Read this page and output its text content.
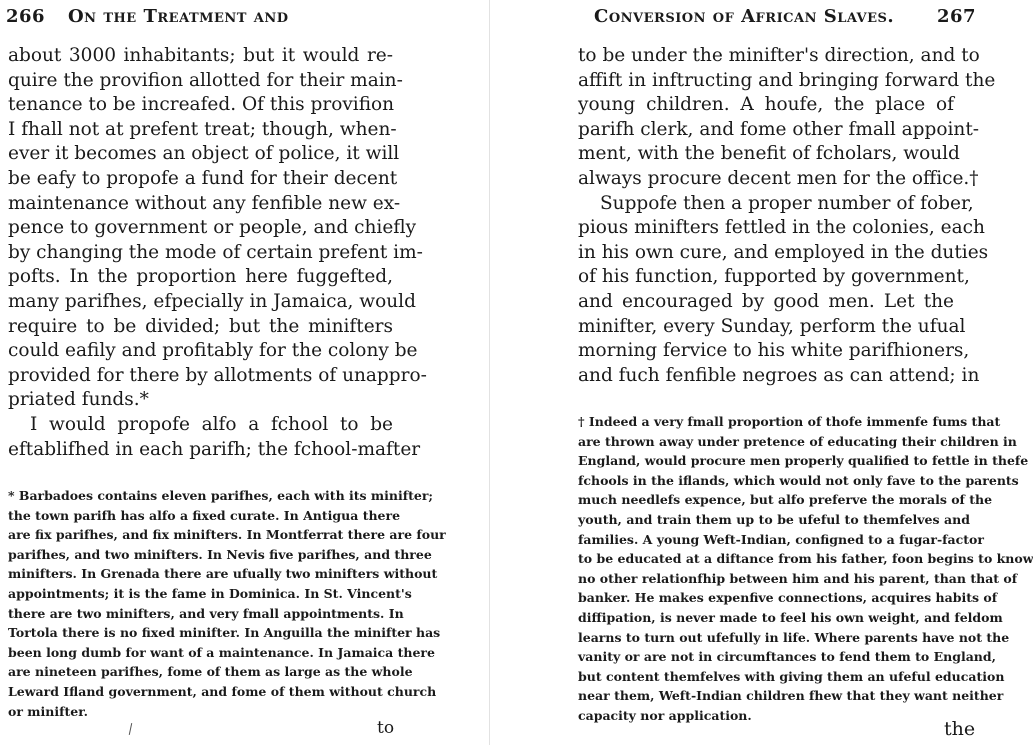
266 On the Treatment and
about 3000 inhabitants; but it would re-
quire the provifion allotted for their main-
tenance to be increafed. Of this provifion
I fhall not at prefent treat; though, when-
ever it becomes an object of police, it will
be eafy to propofe a fund for their decent
maintenance without any fenfible new ex-
pence to government or people, and chiefly
by changing the mode of certain prefent im-
pofts. In the proportion here fuggefted,
many parifhes, efpecially in Jamaica, would
require to be divided; but the minifters
could eafily and profitably for the colony be
provided for there by allotments of unappro-
priated funds.*
I would propofe alfo a fchool to be
eftablifhed in each parifh; the fchool-mafter
* Barbadoes contains eleven parifhes, each with its minifter;
the town parifh has alfo a fixed curate. In Antigua there
are fix parifhes, and fix minifters. In Montferrat there are four
parifhes, and two minifters. In Nevis five parifhes, and three
minifters. In Grenada there are ufually two minifters without
appointments; it is the fame in Dominica. In St. Vincent's
there are two minifters, and very fmall appointments. In
Tortola there is no fixed minifter. In Anguilla the minifter has
been long dumb for want of a maintenance. In Jamaica there
are nineteen parifhes, fome of them as large as the whole
Leward Ifland government, and fome of them without church
or minifter.
to
Conversion of African Slaves. 267
to be under the minifter's direction, and to
affift in inftructing and bringing forward the
young children. A houfe, the place of
parifh clerk, and fome other fmall appoint-
ment, with the benefit of fcholars, would
always procure decent men for the office.†
Suppofe then a proper number of fober,
pious minifters fettled in the colonies, each
in his own cure, and employed in the duties
of his function, fupported by government,
and encouraged by good men. Let the
minifter, every Sunday, perform the ufual
morning fervice to his white parifhioners,
and fuch fenfible negroes as can attend; in
† Indeed a very fmall proportion of thofe immenfe fums that
are thrown away under pretence of educating their children in
England, would procure men properly qualified to fettle in thefe
fchools in the iflands, which would not only fave to the parents
much needlefs expence, but alfo preferve the morals of the
youth, and train them up to be ufeful to themfelves and
families. A young Weft-Indian, configned to a fugar-factor
to be educated at a diftance from his father, foon begins to know
no other relationfhip between him and his parent, than that of
banker. He makes expenfive connections, acquires habits of
diffipation, is never made to feel his own weight, and feldom
learns to turn out ufefully in life. Where parents have not the
vanity or are not in circumftances to fend them to England,
but content themfelves with giving them an ufeful education
near them, Weft-Indian children fhew that they want neither
capacity nor application.
the
